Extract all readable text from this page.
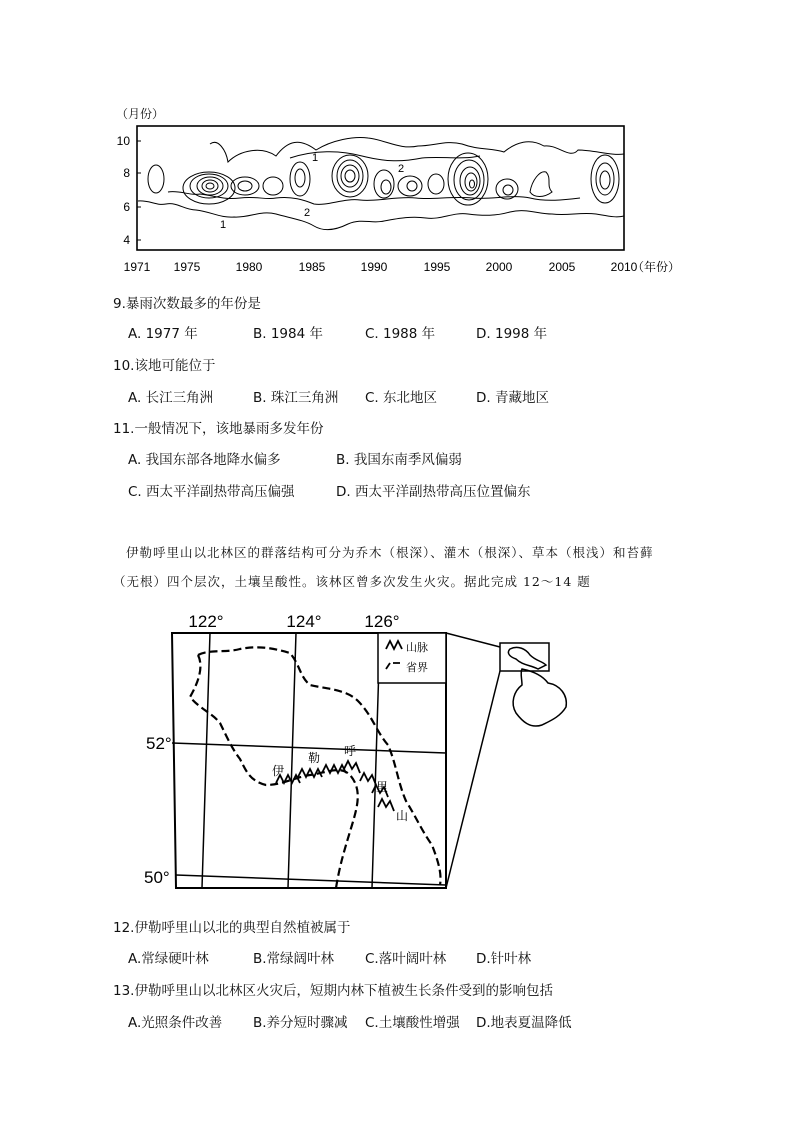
（月份）
10
8
6
4
1971 1975	1980	1985	1990	1995	2000	2005	2010
（年份）
1
2
2
1
9.暴雨次数最多的年份是
A. 1977 年	B. 1984 年	C. 1988 年	D. 1998 年
10.该地可能位于
A. 长江三角洲	B. 珠江三角洲 C. 东北地区	D. 青藏地区
11.一般情况下，该地暴雨多发年份
A. 我国东部各地降水偏多	B. 我国东南季风偏弱
C. 西太平洋副热带高压偏强	D. 西太平洋副热带高压位置偏东
伊勒呼里山以北林区的群落结构可分为乔木（根深）、灌木（根深）、草本（根浅）和苔藓
（无根）四个层次，土壤呈酸性。该林区曾多次发生火灾。据此完成 12～14 题
122°	124°	126°
52°
50°
山脉
省界
伊
勒 呼
里
山
12.伊勒呼里山以北的典型自然植被属于
A.常绿硬叶林	B.常绿阔叶林 C.落叶阔叶林 D.针叶林
13.伊勒呼里山以北林区火灾后，短期内林下植被生长条件受到的影响包括
A.光照条件改善 B.养分短时骤减 C.土壤酸性增强 D.地表夏温降低
